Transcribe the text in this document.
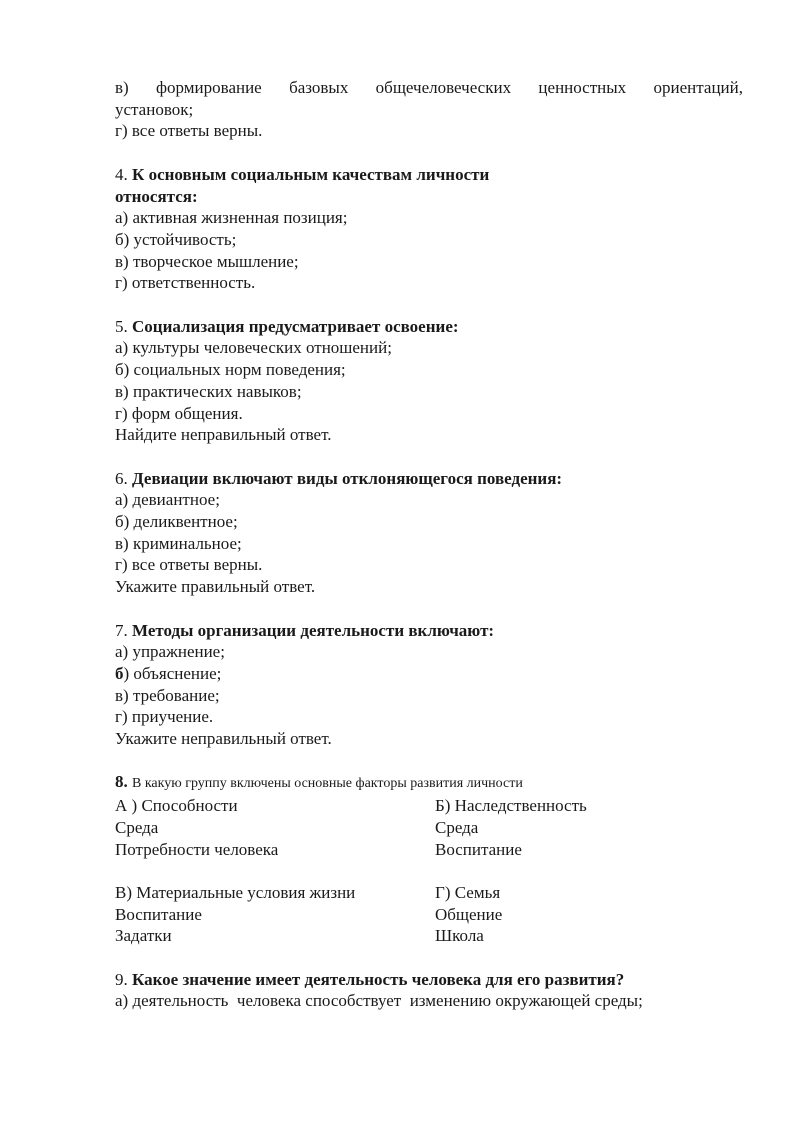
в) формирование базовых общечеловеческих ценностных ориентаций,
установок;
г) все ответы верны.
4. К основным социальным качествам личности
относятся:
а) активная жизненная позиция;
б) устойчивость;
в) творческое мышление;
г) ответственность.
5. Социализация предусматривает освоение:
а) культуры человеческих отношений;
б) социальных норм поведения;
в) практических навыков;
г) форм общения.
Найдите неправильный ответ.
6. Девиации включают виды отклоняющегося поведения:
а) девиантное;
б) деликвентное;
в) криминальное;
г) все ответы верны.
Укажите правильный ответ.
7. Методы организации деятельности включают:
а) упражнение;
б) объяснение;
в) требование;
г) приучение.
Укажите неправильный ответ.
8. В какую группу включены основные факторы развития личности
А ) Способности
Среда
Потребности человека
Б) Наследственность
Среда
Воспитание
В) Материальные условия жизни
Воспитание
Задатки
Г) Семья
Общение
Школа
9. Какое значение имеет деятельность человека для его развития?
а) деятельность  человека способствует  изменению окружающей среды;
